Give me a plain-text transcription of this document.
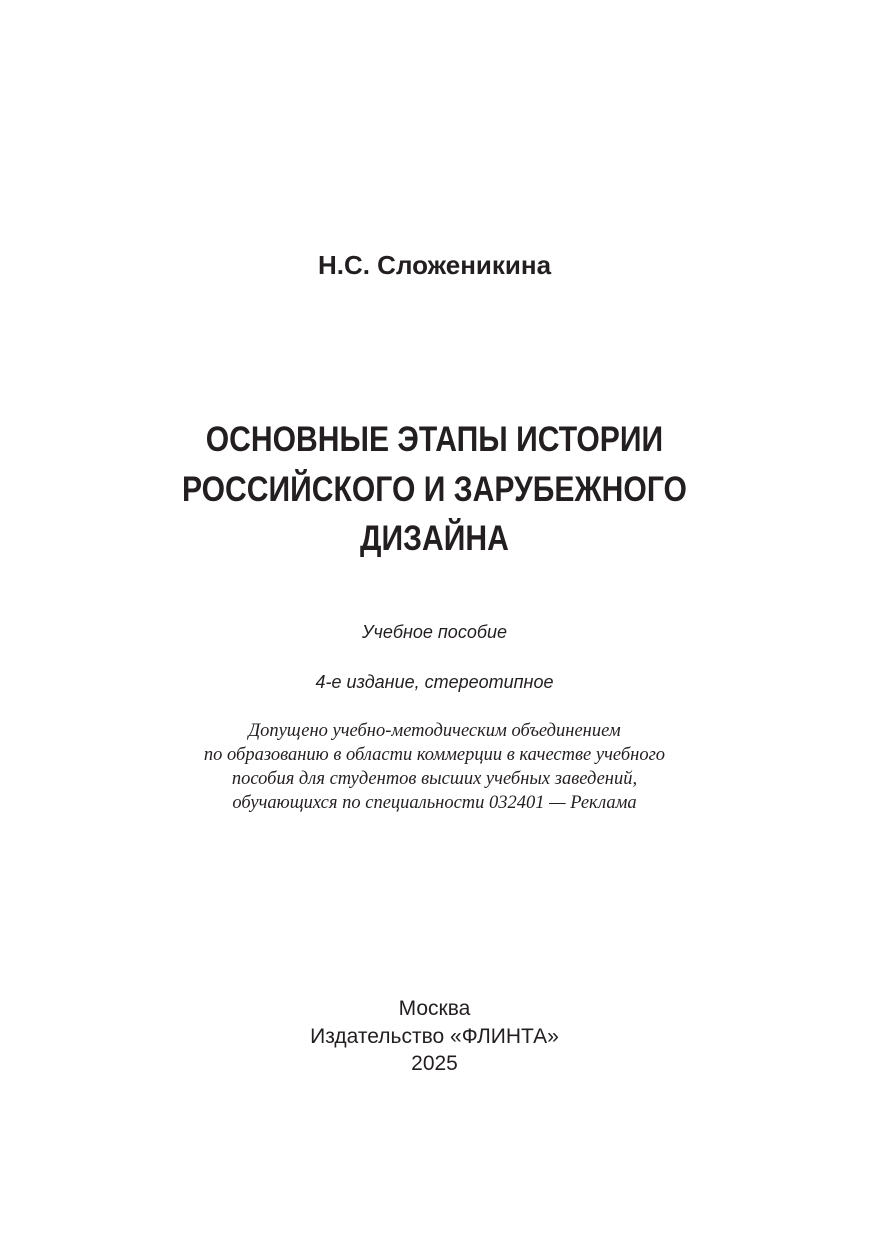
Н.С. Сложеникина
ОСНОВНЫЕ ЭТАПЫ ИСТОРИИ
РОССИЙСКОГО И ЗАРУБЕЖНОГО
ДИЗАЙНА
Учебное пособие
4-е издание, стереотипное
Допущено учебно-методическим объединением
по образованию в области коммерции в качестве учебного
пособия для студентов высших учебных заведений,
обучающихся по специальности 032401 — Реклама
Москва
Издательство «ФЛИНТА»
2025
